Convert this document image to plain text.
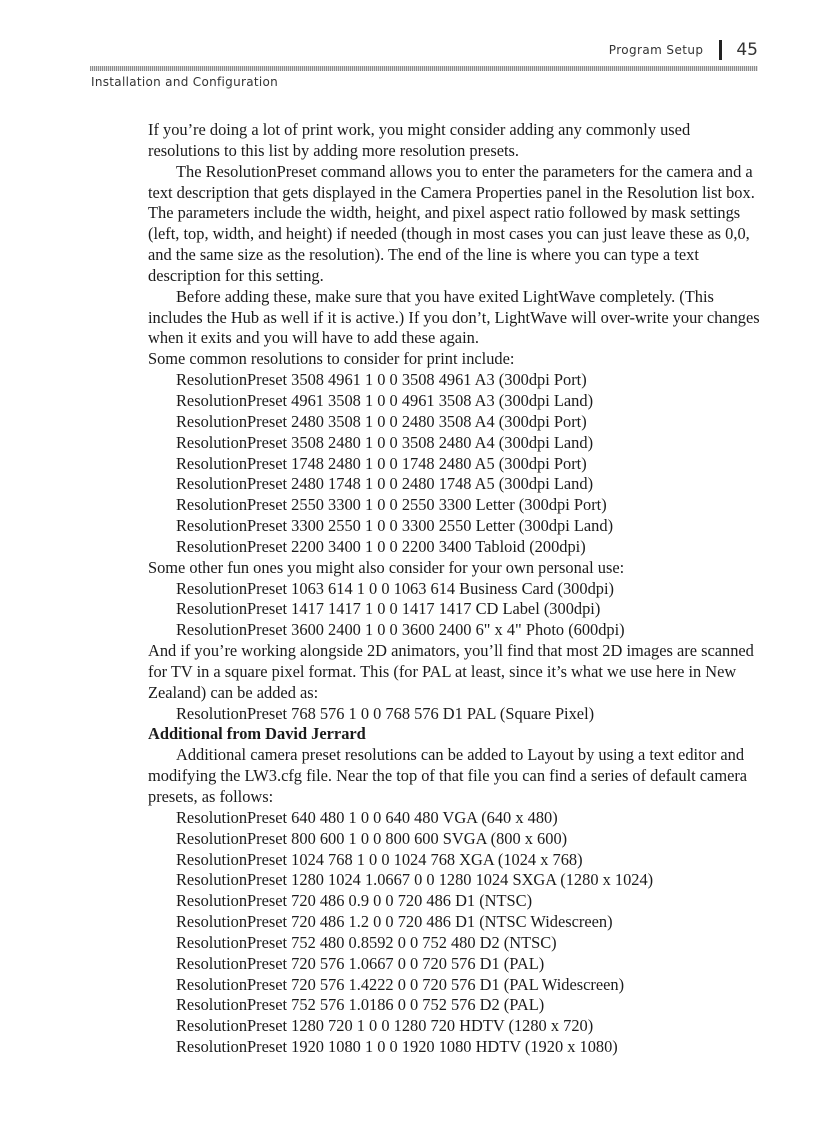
Program Setup 45
Installation and Configuration

If you’re doing a lot of print work, you might consider adding any commonly used resolutions to this list by adding more resolution presets.

The ResolutionPreset command allows you to enter the parameters for the camera and a text description that gets displayed in the Camera Properties panel in the Resolution list box. The parameters include the width, height, and pixel aspect ratio followed by mask settings (left, top, width, and height) if needed (though in most cases you can just leave these as 0,0, and the same size as the resolution). The end of the line is where you can type a text description for this setting.

Before adding these, make sure that you have exited LightWave completely. (This includes the Hub as well if it is active.) If you don’t, LightWave will over-write your changes when it exits and you will have to add these again.

Some common resolutions to consider for print include:

ResolutionPreset 3508 4961 1 0 0 3508 4961 A3 (300dpi Port)
ResolutionPreset 4961 3508 1 0 0 4961 3508 A3 (300dpi Land)
ResolutionPreset 2480 3508 1 0 0 2480 3508 A4 (300dpi Port)
ResolutionPreset 3508 2480 1 0 0 3508 2480 A4 (300dpi Land)
ResolutionPreset 1748 2480 1 0 0 1748 2480 A5 (300dpi Port)
ResolutionPreset 2480 1748 1 0 0 2480 1748 A5 (300dpi Land)
ResolutionPreset 2550 3300 1 0 0 2550 3300 Letter (300dpi Port)
ResolutionPreset 3300 2550 1 0 0 3300 2550 Letter (300dpi Land)
ResolutionPreset 2200 3400 1 0 0 2200 3400 Tabloid (200dpi)

Some other fun ones you might also consider for your own personal use:

ResolutionPreset 1063 614 1 0 0 1063 614 Business Card (300dpi)
ResolutionPreset 1417 1417 1 0 0 1417 1417 CD Label (300dpi)
ResolutionPreset 3600 2400 1 0 0 3600 2400 6" x 4" Photo (600dpi)

And if you’re working alongside 2D animators, you’ll find that most 2D images are scanned for TV in a square pixel format. This (for PAL at least, since it’s what we use here in New Zealand) can be added as:

ResolutionPreset 768 576 1 0 0 768 576 D1 PAL (Square Pixel)

Additional from David Jerrard

Additional camera preset resolutions can be added to Layout by using a text editor and modifying the LW3.cfg file. Near the top of that file you can find a series of default camera presets, as follows:

ResolutionPreset 640 480 1 0 0 640 480 VGA (640 x 480)
ResolutionPreset 800 600 1 0 0 800 600 SVGA (800 x 600)
ResolutionPreset 1024 768 1 0 0 1024 768 XGA (1024 x 768)
ResolutionPreset 1280 1024 1.0667 0 0 1280 1024 SXGA (1280 x 1024)
ResolutionPreset 720 486 0.9 0 0 720 486 D1 (NTSC)
ResolutionPreset 720 486 1.2 0 0 720 486 D1 (NTSC Widescreen)
ResolutionPreset 752 480 0.8592 0 0 752 480 D2 (NTSC)
ResolutionPreset 720 576 1.0667 0 0 720 576 D1 (PAL)
ResolutionPreset 720 576 1.4222 0 0 720 576 D1 (PAL Widescreen)
ResolutionPreset 752 576 1.0186 0 0 752 576 D2 (PAL)
ResolutionPreset 1280 720 1 0 0 1280 720 HDTV (1280 x 720)
ResolutionPreset 1920 1080 1 0 0 1920 1080 HDTV (1920 x 1080)
